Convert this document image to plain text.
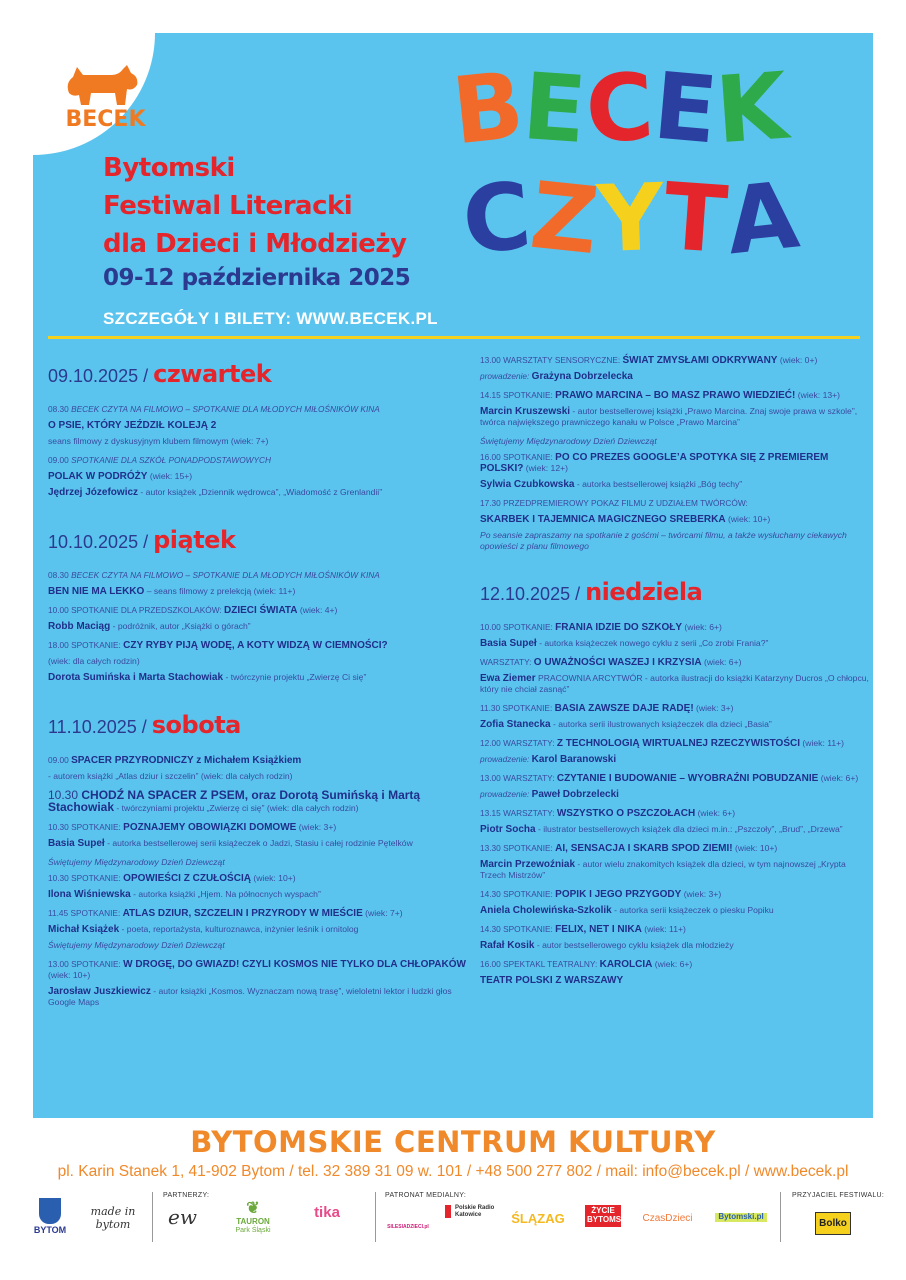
BECEK
Bytomski
Festiwal Literacki
dla Dzieci i Młodzieży
09-12 października 2025
SZCZEGÓŁY I BILETY: WWW.BECEK.PL
BECEK
CZYTA
09.10.2025 / czwartek
08.30 BECEK CZYTA NA FILMOWO – SPOTKANIE DLA MŁODYCH MIŁOŚNIKÓW KINA
O PSIE, KTÓRY JEŹDZIŁ KOLEJĄ 2
seans filmowy z dyskusyjnym klubem filmowym (wiek: 7+)
09.00 SPOTKANIE DLA SZKÓŁ PONADPODSTAWOWYCH
POLAK W PODRÓŻY (wiek: 15+)
Jędrzej Józefowicz - autor książek „Dziennik wędrowca”, „Wiadomość z Grenlandii”
10.10.2025 / piątek
08.30 BECEK CZYTA NA FILMOWO – SPOTKANIE DLA MŁODYCH MIŁOŚNIKÓW KINA
BEN NIE MA LEKKO – seans filmowy z prelekcją (wiek: 11+)
10.00 SPOTKANIE DLA PRZEDSZKOLAKÓW: DZIECI ŚWIATA (wiek: 4+)
Robb Maciąg - podróżnik, autor „Książki o górach”
18.00 SPOTKANIE: CZY RYBY PIJĄ WODĘ, A KOTY WIDZĄ W CIEMNOŚCI?
(wiek: dla całych rodzin)
Dorota Sumińska i Marta Stachowiak - twórczynie projektu „Zwierzę Ci się”
11.10.2025 / sobota
09.00 SPACER PRZYRODNICZY z Michałem Książkiem
- autorem książki „Atlas dziur i szczelin” (wiek: dla całych rodzin)
10.30 CHODŹ NA SPACER Z PSEM, oraz Dorotą Sumińską i Martą Stachowiak - twórczyniami projektu „Zwierzę ci się” (wiek: dla całych rodzin)
10.30 SPOTKANIE: POZNAJEMY OBOWIĄZKI DOMOWE (wiek: 3+)
Basia Supeł - autorka bestsellerowej serii książeczek o Jadzi, Stasiu i całej rodzinie Pętelków
Świętujemy Międzynarodowy Dzień Dziewcząt
10.30 SPOTKANIE: OPOWIEŚCI Z CZUŁOŚCIĄ (wiek: 10+)
Ilona Wiśniewska - autorka książki „Hjem. Na północnych wyspach”
11.45 SPOTKANIE: ATLAS DZIUR, SZCZELIN I PRZYRODY W MIEŚCIE (wiek: 7+)
Michał Książek - poeta, reportażysta, kulturoznawca, inżynier leśnik i ornitolog
Świętujemy Międzynarodowy Dzień Dziewcząt
13.00 SPOTKANIE: W DROGĘ, DO GWIAZD! CZYLI KOSMOS NIE TYLKO DLA CHŁOPAKÓW (wiek: 10+)
Jarosław Juszkiewicz - autor książki „Kosmos. Wyznaczam nową trasę”, wieloletni lektor i ludzki głos Google Maps
13.00 WARSZTATY SENSORYCZNE: ŚWIAT ZMYSŁAMI ODKRYWANY (wiek: 0+)
prowadzenie: Grażyna Dobrzelecka
14.15 SPOTKANIE: PRAWO MARCINA – BO MASZ PRAWO WIEDZIEĆ! (wiek: 13+)
Marcin Kruszewski - autor bestsellerowej książki „Prawo Marcina. Znaj swoje prawa w szkole”, twórca największego prawniczego kanału w Polsce „Prawo Marcina”
Świętujemy Międzynarodowy Dzień Dziewcząt
16.00 SPOTKANIE: PO CO PREZES GOOGLE’A SPOTYKA SIĘ Z PREMIEREM POLSKI? (wiek: 12+)
Sylwia Czubkowska - autorka bestsellerowej książki „Bóg techy”
17.30 PRZEDPREMIEROWY POKAZ FILMU Z UDZIAŁEM TWÓRCÓW:
SKARBEK I TAJEMNICA MAGICZNEGO SREBERKA (wiek: 10+)
Po seansie zapraszamy na spotkanie z gośćmi – twórcami filmu, a także wysłuchamy ciekawych opowieści z planu filmowego
12.10.2025 / niedziela
10.00 SPOTKANIE: FRANIA IDZIE DO SZKOŁY (wiek: 6+)
Basia Supeł - autorka książeczek nowego cyklu z serii „Co zrobi Frania?”
WARSZTATY: O UWAŻNOŚCI WASZEJ I KRZYSIA (wiek: 6+)
Ewa Ziemer PRACOWNIA ARCYTWÓR - autorka ilustracji do książki Katarzyny Ducros „O chłopcu, który nie chciał zasnąć”
11.30 SPOTKANIE: BASIA ZAWSZE DAJE RADĘ! (wiek: 3+)
Zofia Stanecka - autorka serii ilustrowanych książeczek dla dzieci „Basia”
12.00 WARSZTATY: Z TECHNOLOGIĄ WIRTUALNEJ RZECZYWISTOŚCI (wiek: 11+)
prowadzenie: Karol Baranowski
13.00 WARSZTATY: CZYTANIE I BUDOWANIE – WYOBRAŹNI POBUDZANIE (wiek: 6+)
prowadzenie: Paweł Dobrzelecki
13.15 WARSZTATY: WSZYSTKO O PSZCZOŁACH (wiek: 6+)
Piotr Socha - ilustrator bestsellerowych książek dla dzieci m.in.: „Pszczoły”, „Brud”, „Drzewa”
13.30 SPOTKANIE: AI, SENSACJA I SKARB SPOD ZIEMI! (wiek: 10+)
Marcin Przewoźniak - autor wielu znakomitych książek dla dzieci, w tym najnowszej „Krypta Trzech Mistrzów”
14.30 SPOTKANIE: POPIK I JEGO PRZYGODY (wiek: 3+)
Aniela Cholewińska-Szkolik - autorka serii książeczek o piesku Popiku
14.30 SPOTKANIE: FELIX, NET I NIKA (wiek: 11+)
Rafał Kosik - autor bestsellerowego cyklu książek dla młodzieży
16.00 SPEKTAKL TEATRALNY: KAROLCIA (wiek: 6+)
TEATR POLSKI Z WARSZAWY
BYTOMSKIE CENTRUM KULTURY
pl. Karin Stanek 1, 41-902 Bytom / tel. 32 389 31 09 w. 101 / +48 500 277 802 / mail: info@becek.pl / www.becek.pl
BYTOM
made in bytom
PARTNERZY:
ew	❦
TAURON
Park Śląski
tika
PATRONAT MEDIALNY:
SILESIADZIECI.pl
Polskie Radio Katowice	ŚLĄZAG
ŻYCIE BYTOMSKIE CzasDzieci	Bytomski.pl
PRZYJACIEL FESTIWALU:
Bolko
